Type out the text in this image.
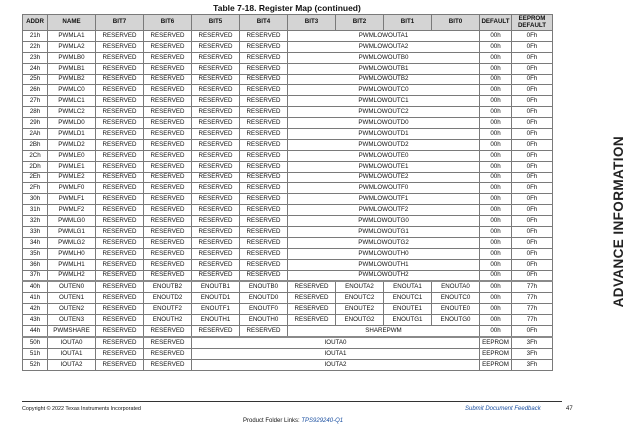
Table 7-18. Register Map (continued)
ADDR	NAME	BIT7	BIT6	BIT5	BIT4	BIT3	BIT2	BIT1	BIT0	DEFAULT	EEPROM
DEFAULT
21h	PWMLA1	RESERVED	RESERVED	RESERVED	RESERVED	PWMLOWOUTA1				00h	0Fh
22h	PWMLA2	RESERVED	RESERVED	RESERVED	RESERVED	PWMLOWOUTA2				00h	0Fh
23h	PWMLB0	RESERVED	RESERVED	RESERVED	RESERVED	PWMLOWOUTB0				00h	0Fh
24h	PWMLB1	RESERVED	RESERVED	RESERVED	RESERVED	PWMLOWOUTB1				00h	0Fh
25h	PWMLB2	RESERVED	RESERVED	RESERVED	RESERVED	PWMLOWOUTB2				00h	0Fh
26h	PWMLC0	RESERVED	RESERVED	RESERVED	RESERVED	PWMLOWOUTC0				00h	0Fh
27h	PWMLC1	RESERVED	RESERVED	RESERVED	RESERVED	PWMLOWOUTC1				00h	0Fh
28h	PWMLC2	RESERVED	RESERVED	RESERVED	RESERVED	PWMLOWOUTC2				00h	0Fh
29h	PWMLD0	RESERVED	RESERVED	RESERVED	RESERVED	PWMLOWOUTD0				00h	0Fh
2Ah	PWMLD1	RESERVED	RESERVED	RESERVED	RESERVED	PWMLOWOUTD1				00h	0Fh
2Bh	PWMLD2	RESERVED	RESERVED	RESERVED	RESERVED	PWMLOWOUTD2				00h	0Fh
2Ch	PWMLE0	RESERVED	RESERVED	RESERVED	RESERVED	PWMLOWOUTE0				00h	0Fh
2Dh	PWMLE1	RESERVED	RESERVED	RESERVED	RESERVED	PWMLOWOUTE1				00h	0Fh
2Eh	PWMLE2	RESERVED	RESERVED	RESERVED	RESERVED	PWMLOWOUTE2				00h	0Fh
2Fh	PWMLF0	RESERVED	RESERVED	RESERVED	RESERVED	PWMLOWOUTF0				00h	0Fh
30h	PWMLF1	RESERVED	RESERVED	RESERVED	RESERVED	PWMLOWOUTF1				00h	0Fh
31h	PWMLF2	RESERVED	RESERVED	RESERVED	RESERVED	PWMLOWOUTF2				00h	0Fh
32h	PWMLG0	RESERVED	RESERVED	RESERVED	RESERVED	PWMLOWOUTG0				00h	0Fh
33h	PWMLG1	RESERVED	RESERVED	RESERVED	RESERVED	PWMLOWOUTG1				00h	0Fh
34h	PWMLG2	RESERVED	RESERVED	RESERVED	RESERVED	PWMLOWOUTG2				00h	0Fh
35h	PWMLH0	RESERVED	RESERVED	RESERVED	RESERVED	PWMLOWOUTH0				00h	0Fh
36h	PWMLH1	RESERVED	RESERVED	RESERVED	RESERVED	PWMLOWOUTH1				00h	0Fh
37h	PWMLH2	RESERVED	RESERVED	RESERVED	RESERVED	PWMLOWOUTH2				00h	0Fh
40h	OUTEN0	RESERVED	ENOUTB2	ENOUTB1	ENOUTB0	RESERVED	ENOUTA2	ENOUTA1	ENOUTA0	00h	77h
41h	OUTEN1	RESERVED	ENOUTD2	ENOUTD1	ENOUTD0	RESERVED	ENOUTC2	ENOUTC1	ENOUTC0	00h	77h
42h	OUTEN2	RESERVED	ENOUTF2	ENOUTF1	ENOUTF0	RESERVED	ENOUTE2	ENOUTE1	ENOUTE0	00h	77h
43h	OUTEN3	RESERVED	ENOUTH2	ENOUTH1	ENOUTH0	RESERVED	ENOUTG2	ENOUTG1	ENOUTG0	00h	77h
44h	PWMSHARE	RESERVED	RESERVED	RESERVED	RESERVED	SHAREPWM				00h	0Fh
50h	IOUTA0	RESERVED	RESERVED	IOUTA0						EEPROM	3Fh
51h	IOUTA1	RESERVED	RESERVED	IOUTA1						EEPROM	3Fh
52h	IOUTA2	RESERVED	RESERVED	IOUTA2						EEPROM	3Fh
ADVANCE INFORMATION
Copyright © 2022 Texas Instruments Incorporated	Submit Document Feedback	47
Product Folder Links: TPS929240-Q1
